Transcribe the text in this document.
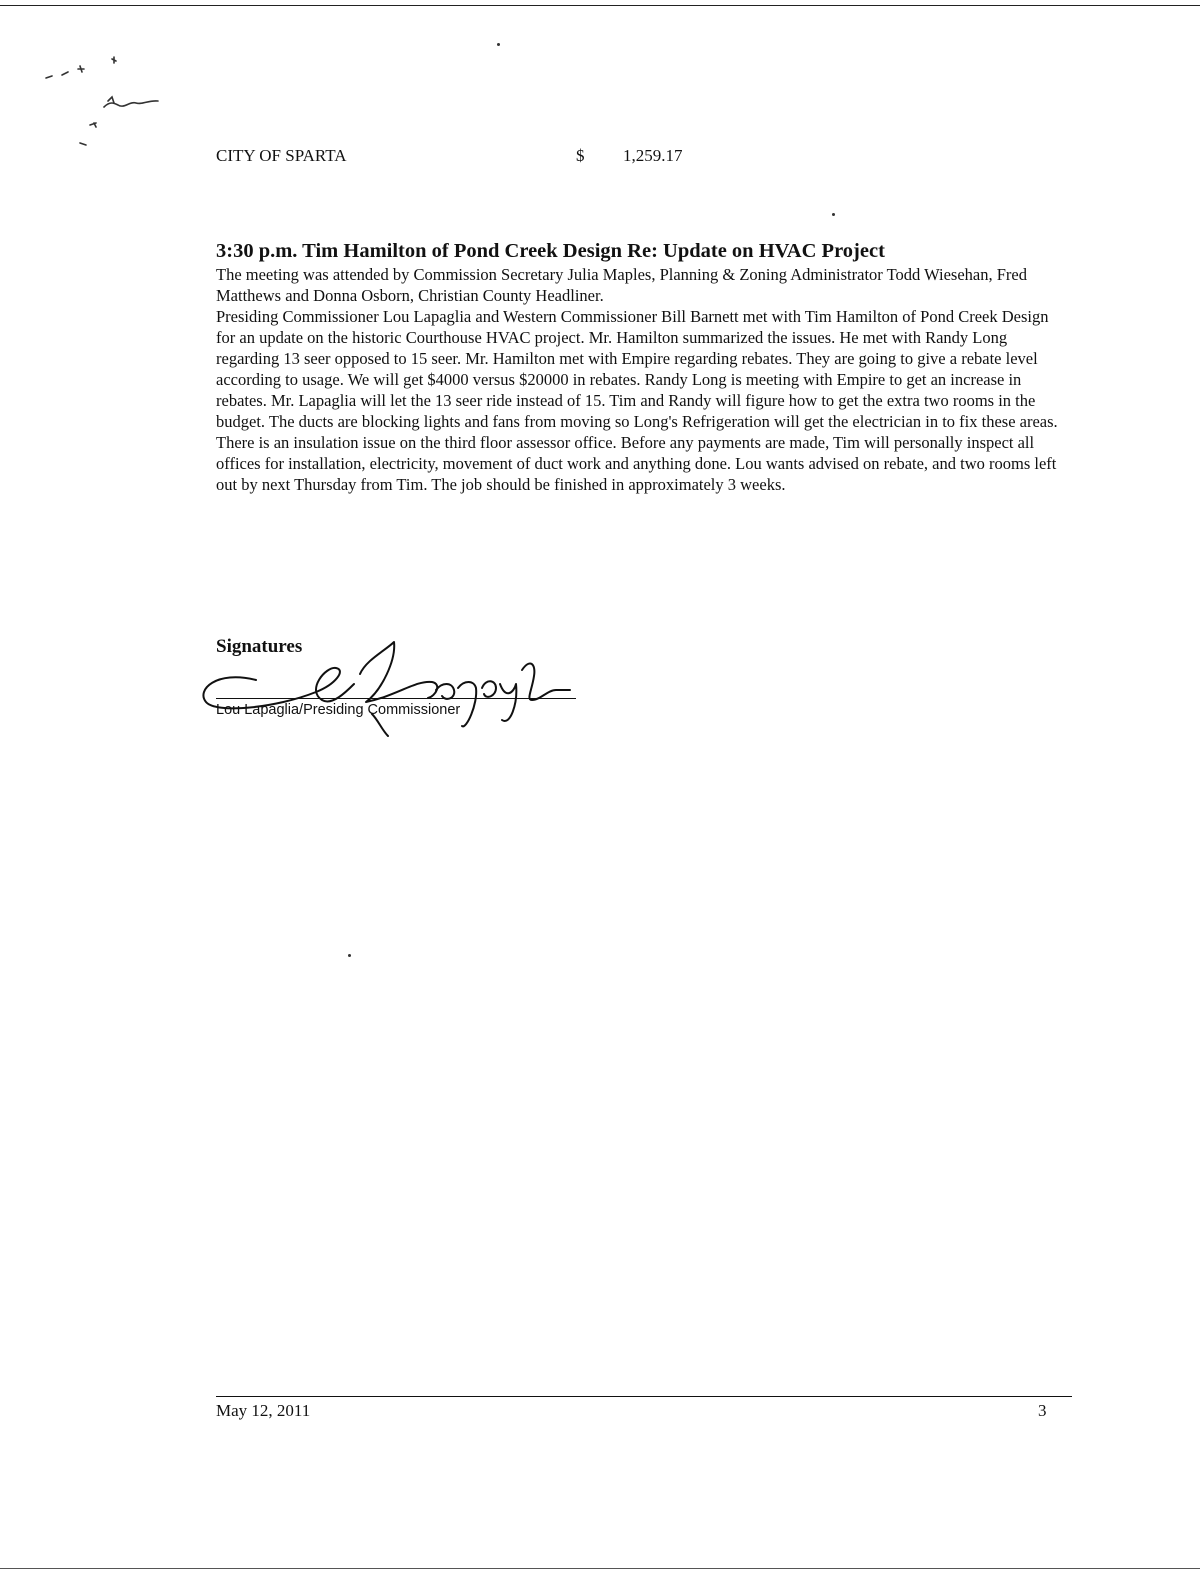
CITY OF SPARTA	$ 1,259.17
3:30 p.m. Tim Hamilton of Pond Creek Design Re: Update on HVAC Project

The meeting was attended by Commission Secretary Julia Maples, Planning & Zoning Administrator Todd Wiesehan, Fred Matthews and Donna Osborn, Christian County Headliner.

Presiding Commissioner Lou Lapaglia and Western Commissioner Bill Barnett met with Tim Hamilton of Pond Creek Design for an update on the historic Courthouse HVAC project. Mr. Hamilton summarized the issues. He met with Randy Long regarding 13 seer opposed to 15 seer. Mr. Hamilton met with Empire regarding rebates. They are going to give a rebate level according to usage. We will get $4000 versus $20000 in rebates. Randy Long is meeting with Empire to get an increase in rebates. Mr. Lapaglia will let the 13 seer ride instead of 15. Tim and Randy will figure how to get the extra two rooms in the budget. The ducts are blocking lights and fans from moving so Long's Refrigeration will get the electrician in to fix these areas. There is an insulation issue on the third floor assessor office. Before any payments are made, Tim will personally inspect all offices for installation, electricity, movement of duct work and anything done. Lou wants advised on rebate, and two rooms left out by next Thursday from Tim. The job should be finished in approximately 3 weeks.

Signatures
Lou Lapaglia/Presiding Commissioner
May 12, 2011	3
